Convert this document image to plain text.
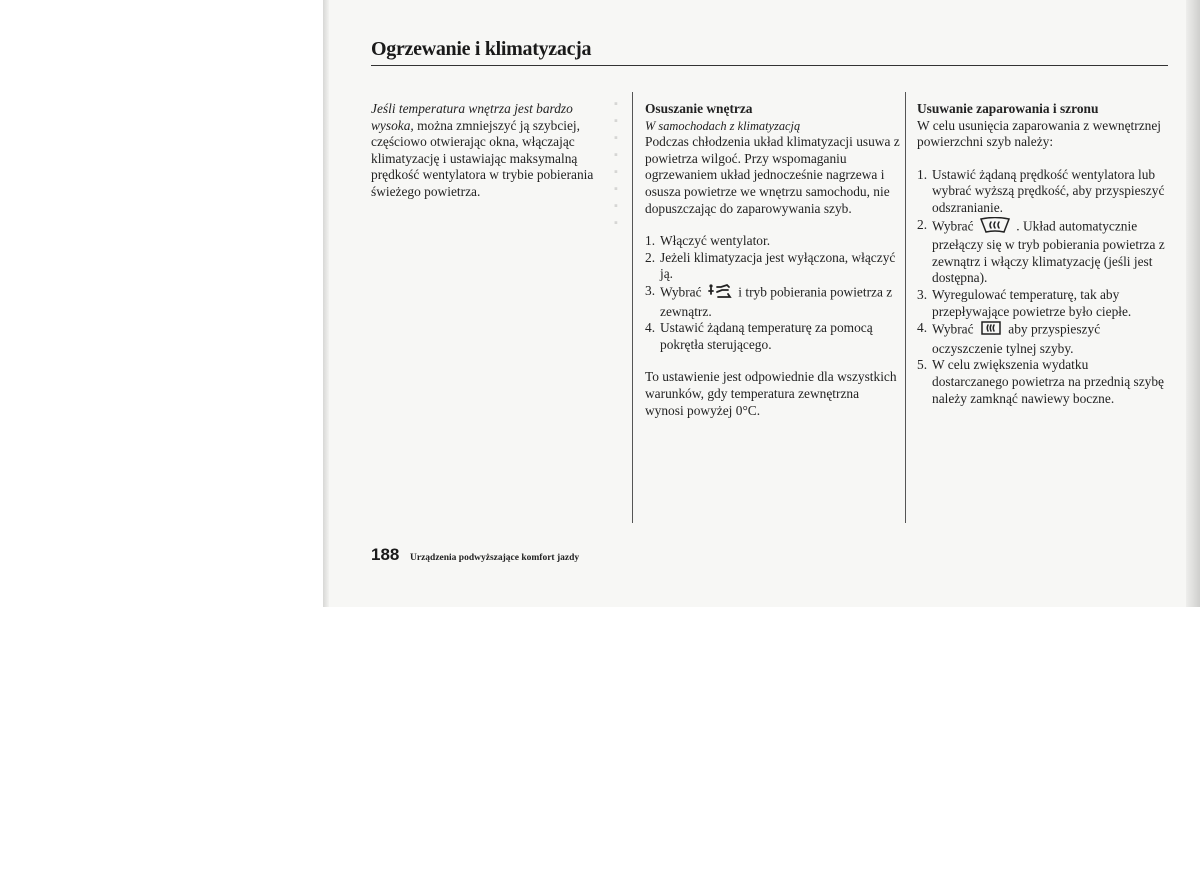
▪
▪
▪
▪
▪
▪
▪
▪
Ogrzewanie i klimatyzacja

Jeśli temperatura wnętrza jest bardzo wysoka, można zmniejszyć ją szybciej, częściowo otwierając okna, włączając klimatyzację i ustawiając maksymalną prędkość wentylatora w trybie pobierania świeżego powietrza.

Osuszanie wnętrza

W samochodach z klimatyzacją

Podczas chłodzenia układ klimatyzacji usuwa z powietrza wilgoć. Przy wspomaganiu ogrzewaniem układ jednocześnie nagrzewa i osusza powietrze we wnętrzu samochodu, nie dopuszczając do zaparowywania szyb.

1. Włączyć wentylator.
2. Jeżeli klimatyzacja jest wyłączona, włączyć ją.
3. Wybrać	i tryb pobierania powietrza z zewnątrz.
4. Ustawić żądaną temperaturę za pomocą pokrętła sterującego.

To ustawienie jest odpowiednie dla wszystkich warunków, gdy temperatura zewnętrzna wynosi powyżej 0°C.

Usuwanie zaparowania i szronu

W celu usunięcia zaparowania z wewnętrznej powierzchni szyb należy:

1. Ustawić żądaną prędkość wentylatora lub wybrać wyższą prędkość, aby przyspieszyć odszranianie.
2. Wybrać	. Układ automatycznie przełączy się w tryb pobierania powietrza z zewnątrz i włączy klimatyzację (jeśli jest dostępna).
3. Wyregulować temperaturę, tak aby przepływające powietrze było ciepłe.
4. Wybrać	aby przyspieszyć oczyszczenie tylnej szyby.
5. W celu zwiększenia wydatku dostarczanego powietrza na przednią szybę należy zamknąć nawiewy boczne.
188 Urządzenia podwyższające komfort jazdy
